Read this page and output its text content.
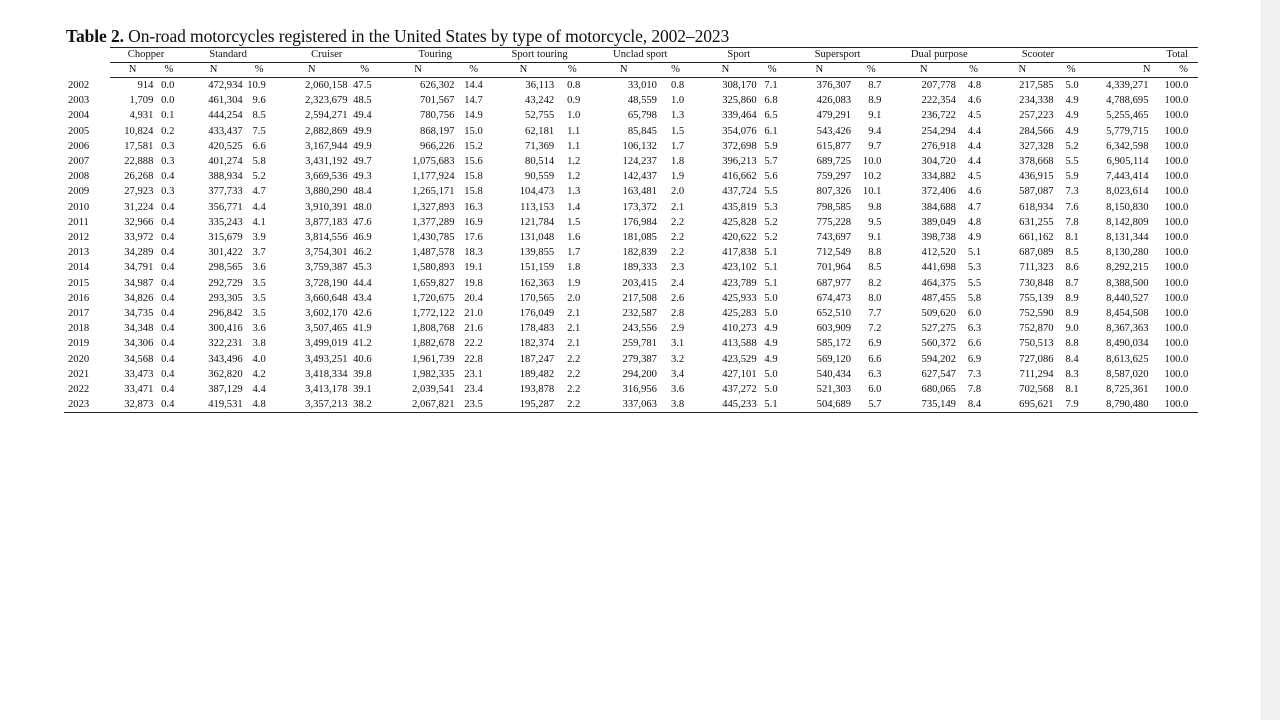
Table 2. On-road motorcycles registered in the United States by type of motorcycle, 2002–2023
	Chopper		Standard		Cruiser		Touring		Sport touring		Unclad sport		Sport		Supersport		Dual purpose		Scooter		Total	
	N	%	N	%	N	%	N	%	N	%	N	%	N	%	N	%	N	%	N	%	N	%
2002	914	0.0	472,934	10.9	2,060,158	47.5	626,302	14.4	36,113	0.8	33,010	0.8	308,170	7.1	376,307	8.7	207,778	4.8	217,585	5.0	4,339,271	100.0
2003	1,709	0.0	461,304	9.6	2,323,679	48.5	701,567	14.7	43,242	0.9	48,559	1.0	325,860	6.8	426,083	8.9	222,354	4.6	234,338	4.9	4,788,695	100.0
2004	4,931	0.1	444,254	8.5	2,594,271	49.4	780,756	14.9	52,755	1.0	65,798	1.3	339,464	6.5	479,291	9.1	236,722	4.5	257,223	4.9	5,255,465	100.0
2005	10,824	0.2	433,437	7.5	2,882,869	49.9	868,197	15.0	62,181	1.1	85,845	1.5	354,076	6.1	543,426	9.4	254,294	4.4	284,566	4.9	5,779,715	100.0
2006	17,581	0.3	420,525	6.6	3,167,944	49.9	966,226	15.2	71,369	1.1	106,132	1.7	372,698	5.9	615,877	9.7	276,918	4.4	327,328	5.2	6,342,598	100.0
2007	22,888	0.3	401,274	5.8	3,431,192	49.7	1,075,683	15.6	80,514	1.2	124,237	1.8	396,213	5.7	689,725	10.0	304,720	4.4	378,668	5.5	6,905,114	100.0
2008	26,268	0.4	388,934	5.2	3,669,536	49.3	1,177,924	15.8	90,559	1.2	142,437	1.9	416,662	5.6	759,297	10.2	334,882	4.5	436,915	5.9	7,443,414	100.0
2009	27,923	0.3	377,733	4.7	3,880,290	48.4	1,265,171	15.8	104,473	1.3	163,481	2.0	437,724	5.5	807,326	10.1	372,406	4.6	587,087	7.3	8,023,614	100.0
2010	31,224	0.4	356,771	4.4	3,910,391	48.0	1,327,893	16.3	113,153	1.4	173,372	2.1	435,819	5.3	798,585	9.8	384,688	4.7	618,934	7.6	8,150,830	100.0
2011	32,966	0.4	335,243	4.1	3,877,183	47.6	1,377,289	16.9	121,784	1.5	176,984	2.2	425,828	5.2	775,228	9.5	389,049	4.8	631,255	7.8	8,142,809	100.0
2012	33,972	0.4	315,679	3.9	3,814,556	46.9	1,430,785	17.6	131,048	1.6	181,085	2.2	420,622	5.2	743,697	9.1	398,738	4.9	661,162	8.1	8,131,344	100.0
2013	34,289	0.4	301,422	3.7	3,754,301	46.2	1,487,578	18.3	139,855	1.7	182,839	2.2	417,838	5.1	712,549	8.8	412,520	5.1	687,089	8.5	8,130,280	100.0
2014	34,791	0.4	298,565	3.6	3,759,387	45.3	1,580,893	19.1	151,159	1.8	189,333	2.3	423,102	5.1	701,964	8.5	441,698	5.3	711,323	8.6	8,292,215	100.0
2015	34,987	0.4	292,729	3.5	3,728,190	44.4	1,659,827	19.8	162,363	1.9	203,415	2.4	423,789	5.1	687,977	8.2	464,375	5.5	730,848	8.7	8,388,500	100.0
2016	34,826	0.4	293,305	3.5	3,660,648	43.4	1,720,675	20.4	170,565	2.0	217,508	2.6	425,933	5.0	674,473	8.0	487,455	5.8	755,139	8.9	8,440,527	100.0
2017	34,735	0.4	296,842	3.5	3,602,170	42.6	1,772,122	21.0	176,049	2.1	232,587	2.8	425,283	5.0	652,510	7.7	509,620	6.0	752,590	8.9	8,454,508	100.0
2018	34,348	0.4	300,416	3.6	3,507,465	41.9	1,808,768	21.6	178,483	2.1	243,556	2.9	410,273	4.9	603,909	7.2	527,275	6.3	752,870	9.0	8,367,363	100.0
2019	34,306	0.4	322,231	3.8	3,499,019	41.2	1,882,678	22.2	182,374	2.1	259,781	3.1	413,588	4.9	585,172	6.9	560,372	6.6	750,513	8.8	8,490,034	100.0
2020	34,568	0.4	343,496	4.0	3,493,251	40.6	1,961,739	22.8	187,247	2.2	279,387	3.2	423,529	4.9	569,120	6.6	594,202	6.9	727,086	8.4	8,613,625	100.0
2021	33,473	0.4	362,820	4.2	3,418,334	39.8	1,982,335	23.1	189,482	2.2	294,200	3.4	427,101	5.0	540,434	6.3	627,547	7.3	711,294	8.3	8,587,020	100.0
2022	33,471	0.4	387,129	4.4	3,413,178	39.1	2,039,541	23.4	193,878	2.2	316,956	3.6	437,272	5.0	521,303	6.0	680,065	7.8	702,568	8.1	8,725,361	100.0
2023	32,873	0.4	419,531	4.8	3,357,213	38.2	2,067,821	23.5	195,287	2.2	337,063	3.8	445,233	5.1	504,689	5.7	735,149	8.4	695,621	7.9	8,790,480	100.0
